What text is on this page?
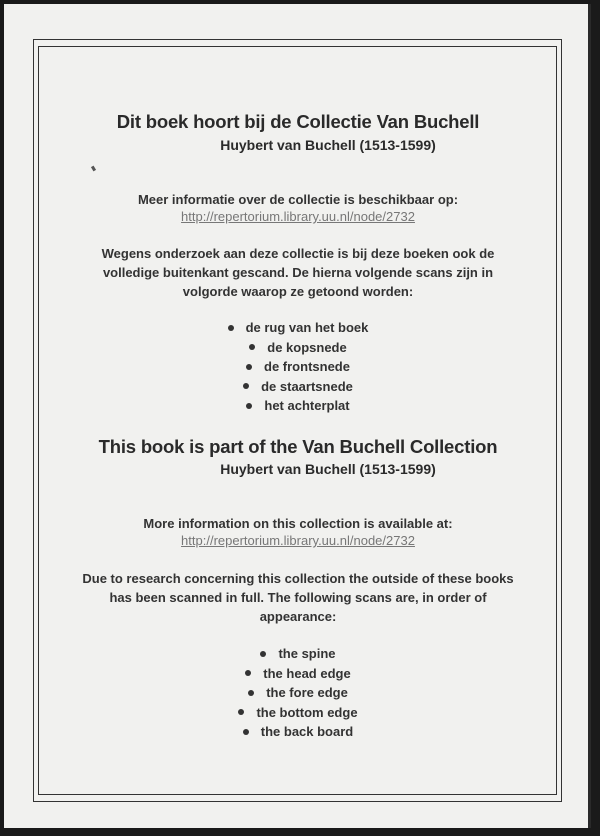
Dit boek hoort bij de Collectie Van Buchell
Huybert van Buchell (1513-1599)
Meer informatie over de collectie is beschikbaar op:
http://repertorium.library.uu.nl/node/2732
Wegens onderzoek aan deze collectie is bij deze boeken ook de volledige buitenkant gescand. De hierna volgende scans zijn in volgorde waarop ze getoond worden:
de rug van het boek
de kopsnede
de frontsnede
de staartsnede
het achterplat
This book is part of the Van Buchell Collection
Huybert van Buchell (1513-1599)
More information on this collection is available at:
http://repertorium.library.uu.nl/node/2732
Due to research concerning this collection the outside of these books has been scanned in full. The following scans are, in order of appearance:
the spine
the head edge
the fore edge
the bottom edge
the back board
